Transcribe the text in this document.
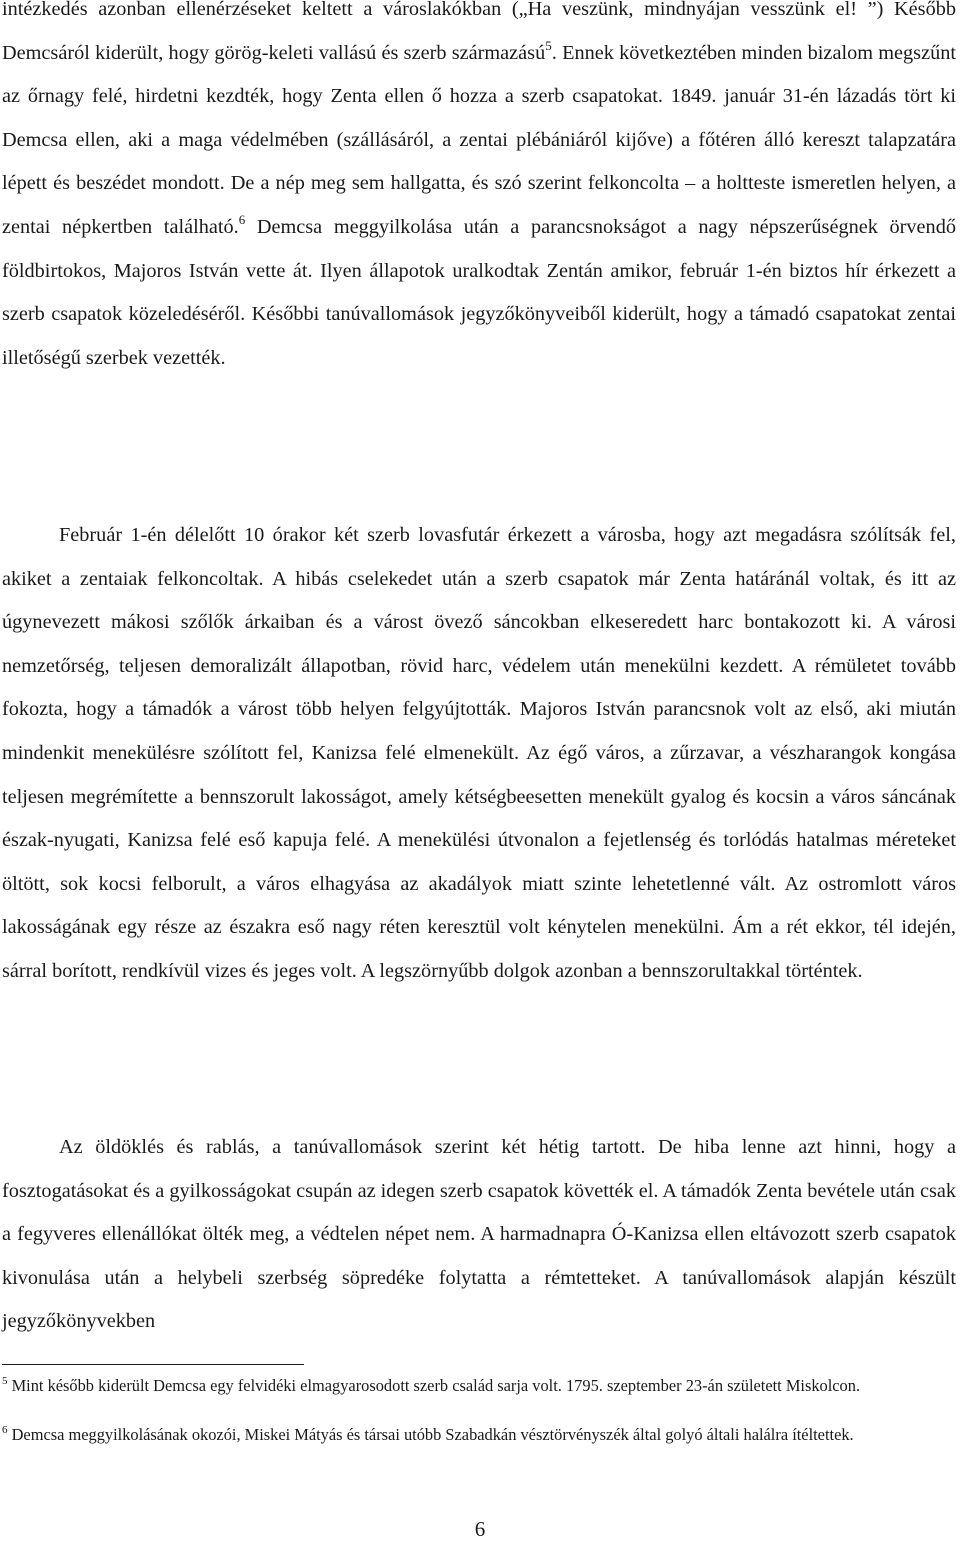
intézkedés azonban ellenérzéseket keltett a városlakókban („Ha veszünk, mindnyájan vesszünk el! ”) Később Demcsáról kiderült, hogy görög-keleti vallású és szerb származású$^5$. Ennek következtében minden bizalom megszűnt az őrnagy felé, hirdetni kezdték, hogy Zenta ellen ő hozza a szerb csapatokat. 1849. január 31-én lázadás tört ki Demcsa ellen, aki a maga védelmében (szállásáról, a zentai plébániáról kijőve) a főtéren álló kereszt talapzatára lépett és beszédet mondott. De a nép meg sem hallgatta, és szó szerint felkoncolta – a holtteste ismeretlen helyen, a zentai népkertben található.$^6$ Demcsa meggyilkolása után a parancsnokságot a nagy népszerűségnek örvendő földbirtokos, Majoros István vette át. Ilyen állapotok uralkodtak Zentán amikor, február 1-én biztos hír érkezett a szerb csapatok közeledéséről. Későbbi tanúvallomások jegyzőkönyveiből kiderült, hogy a támadó csapatokat zentai illetőségű szerbek vezették.

Február 1-én délelőtt 10 órakor két szerb lovasfutár érkezett a városba, hogy azt megadásra szólítsák fel, akiket a zentaiak felkoncoltak. A hibás cselekedet után a szerb csapatok már Zenta határánál voltak, és itt az úgynevezett mákosi szőlők árkaiban és a várost övező sáncokban elkeseredett harc bontakozott ki. A városi nemzetőrség, teljesen demoralizált állapotban, rövid harc, védelem után menekülni kezdett. A rémületet tovább fokozta, hogy a támadók a várost több helyen felgyújtották. Majoros István parancsnok volt az első, aki miután mindenkit menekülésre szólított fel, Kanizsa felé elmenekült. Az égő város, a zűrzavar, a vészharangok kongása teljesen megrémítette a bennszorult lakosságot, amely kétségbeesetten menekült gyalog és kocsin a város sáncának észak-nyugati, Kanizsa felé eső kapuja felé. A menekülési útvonalon a fejetlenség és torlódás hatalmas méreteket öltött, sok kocsi felborult, a város elhagyása az akadályok miatt szinte lehetetlenné vált. Az ostromlott város lakosságának egy része az északra eső nagy réten keresztül volt kénytelen menekülni. Ám a rét ekkor, tél idején, sárral borított, rendkívül vizes és jeges volt. A legszörnyűbb dolgok azonban a bennszorultakkal történtek.

Az öldöklés és rablás, a tanúvallomások szerint két hétig tartott. De hiba lenne azt hinni, hogy a fosztogatásokat és a gyilkosságokat csupán az idegen szerb csapatok követték el. A támadók Zenta bevétele után csak a fegyveres ellenállókat ölték meg, a védtelen népet nem. A harmadnapra Ó-Kanizsa ellen eltávozott szerb csapatok kivonulása után a helybeli szerbség söpredéke folytatta a rémtetteket. A tanúvallomások alapján készült jegyzőkönyvekben

$^5$ Mint később kiderült Demcsa egy felvidéki elmagyarosodott szerb család sarja volt. 1795. szeptember 23-án született Miskolcon.

$^6$ Demcsa meggyilkolásának okozói, Miskei Mátyás és társai utóbb Szabadkán vésztörvényszék által golyó általi halálra ítéltettek.

6
